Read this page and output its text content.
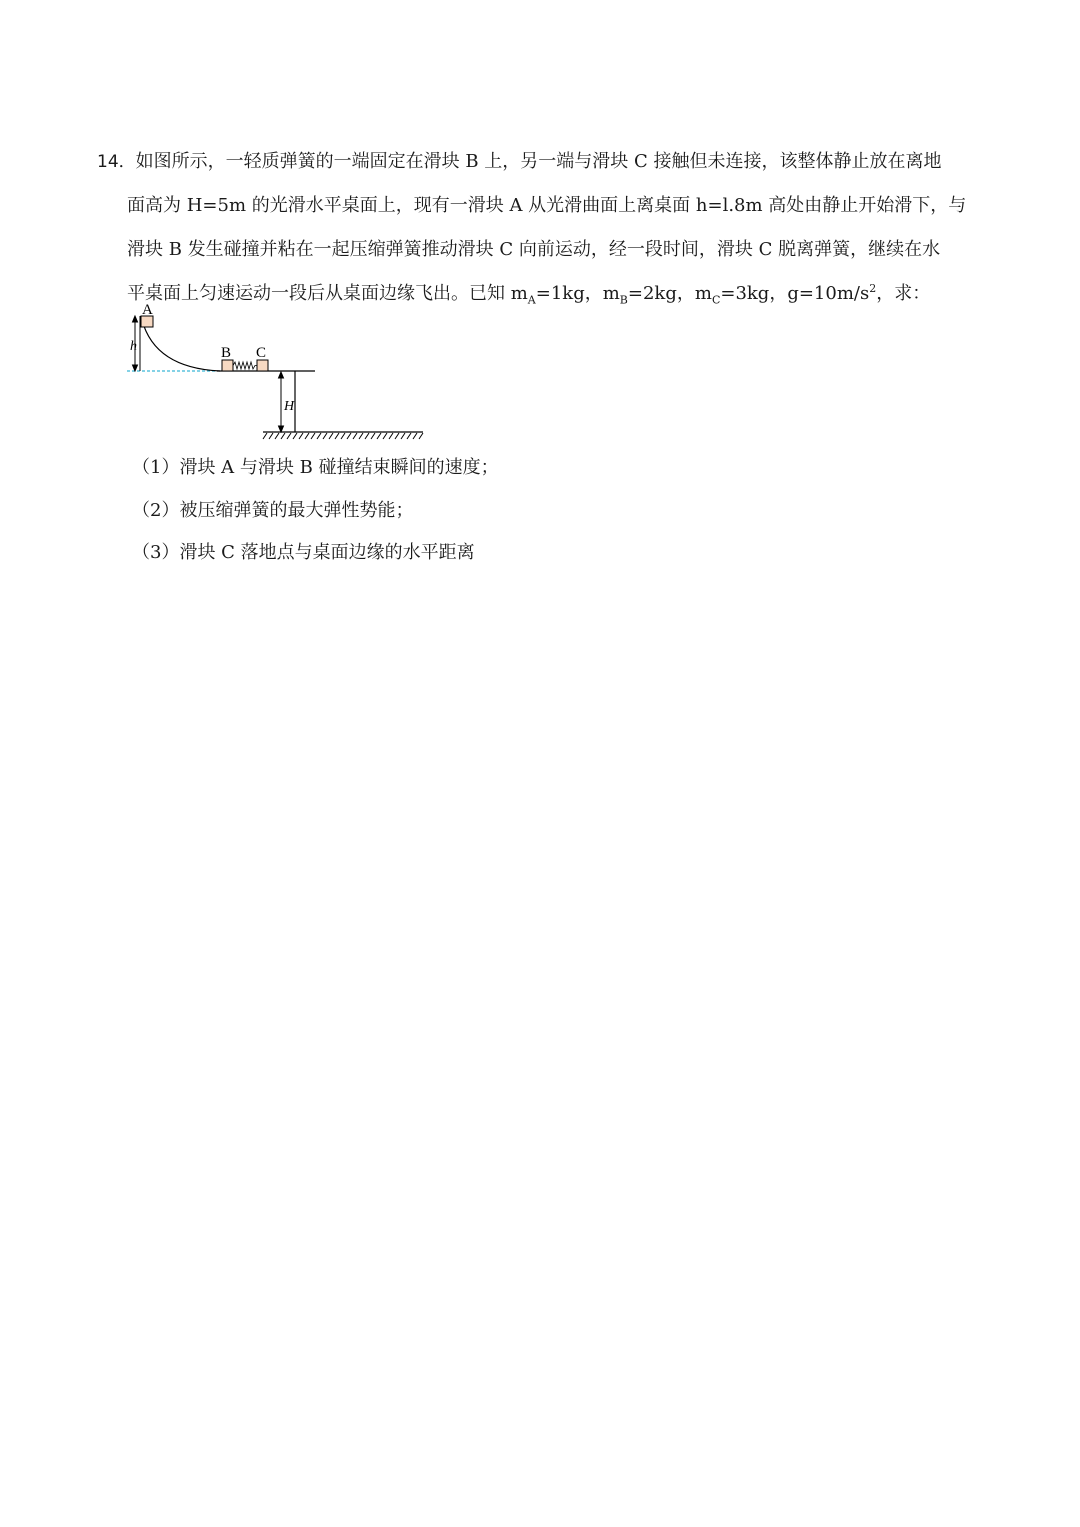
14．如图所示，一轻质弹簧的一端固定在滑块 B 上，另一端与滑块 C 接触但未连接，该整体静止放在离地
面高为 H=5m 的光滑水平桌面上，现有一滑块 A 从光滑曲面上离桌面 h=l.8m 高处由静止开始滑下，与
滑块 B 发生碰撞并粘在一起压缩弹簧推动滑块 C 向前运动，经一段时间，滑块 C 脱离弹簧，继续在水
平桌面上匀速运动一段后从桌面边缘飞出。已知 $m_A=1kg$，$m_B=2kg$，$m_C=3kg$，$g=10m/s^2$，求：
h
A
B C
H
（1）滑块 A 与滑块 B 碰撞结束瞬间的速度；
（2）被压缩弹簧的最大弹性势能；
（3）滑块 C 落地点与桌面边缘的水平距离
